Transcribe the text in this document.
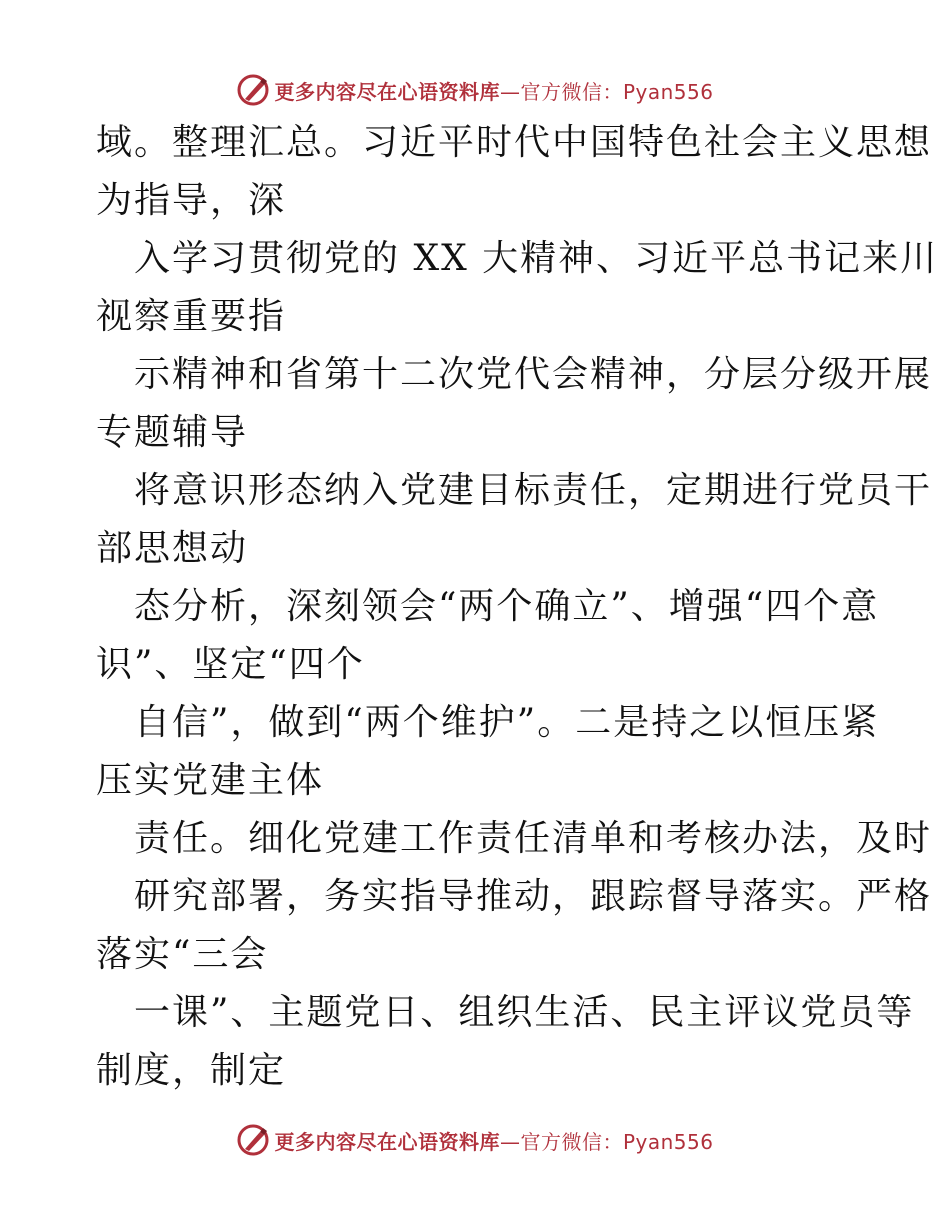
更多内容尽在心语资料库—官方微信：Pyan556
域。整理汇总。习近平时代中国特色社会主义思想
为指导，深
入学习贯彻党的 XX 大精神、习近平总书记来川
视察重要指
示精神和省第十二次党代会精神，分层分级开展
专题辅导
将意识形态纳入党建目标责任，定期进行党员干
部思想动
态分析，深刻领会“两个确立”、增强“四个意
识”、坚定“四个
自信”，做到“两个维护”。二是持之以恒压紧
压实党建主体
责任。细化党建工作责任清单和考核办法，及时
研究部署，务实指导推动，跟踪督导落实。严格
落实“三会
一课”、主题党日、组织生活、民主评议党员等
制度，制定
更多内容尽在心语资料库—官方微信：Pyan556
